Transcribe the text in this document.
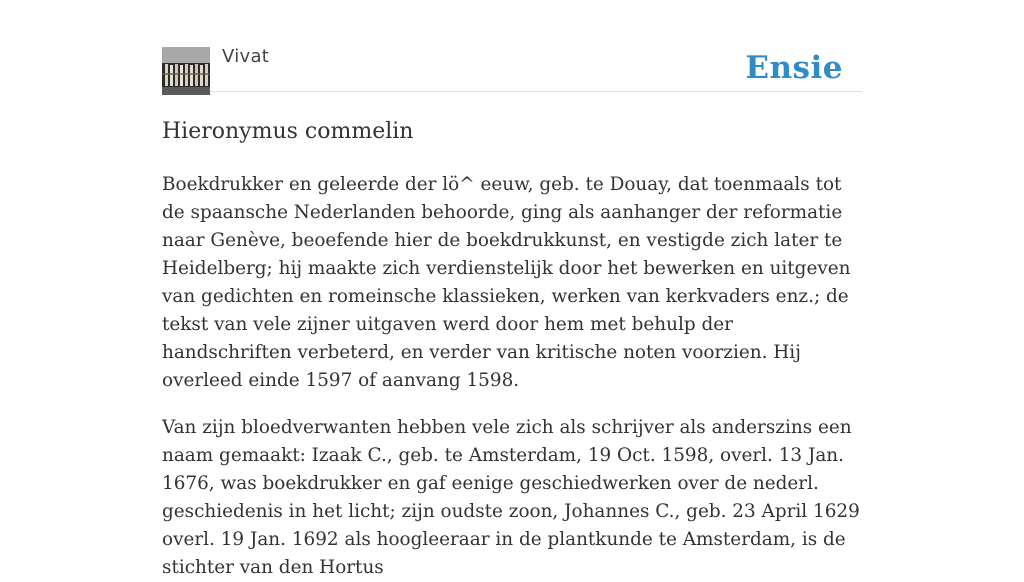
Vivat	Ensie
Hieronymus commelin

Boekdrukker en geleerde der lö^ eeuw, geb. te Douay, dat toenmaals tot de spaansche Nederlanden behoorde, ging als aanhanger der reformatie naar Genève, beoefende hier de boekdrukkunst, en vestigde zich later te Heidelberg; hij maakte zich verdienstelijk door het bewerken en uitgeven van gedichten en romeinsche klassieken, werken van kerkvaders enz.; de tekst van vele zijner uitgaven werd door hem met behulp der handschriften verbeterd, en verder van kritische noten voorzien. Hij overleed einde 1597 of aanvang 1598.

Van zijn bloedverwanten hebben vele zich als schrijver als anderszins een naam gemaakt: Izaak C., geb. te Amsterdam, 19 Oct. 1598, overl. 13 Jan. 1676, was boekdrukker en gaf eenige geschiedwerken over de nederl. geschiedenis in het licht; zijn oudste zoon, Johannes C., geb. 23 April 1629 overl. 19 Jan. 1692 als hoogleeraar in de plantkunde te Amsterdam, is de stichter van den Hortus
